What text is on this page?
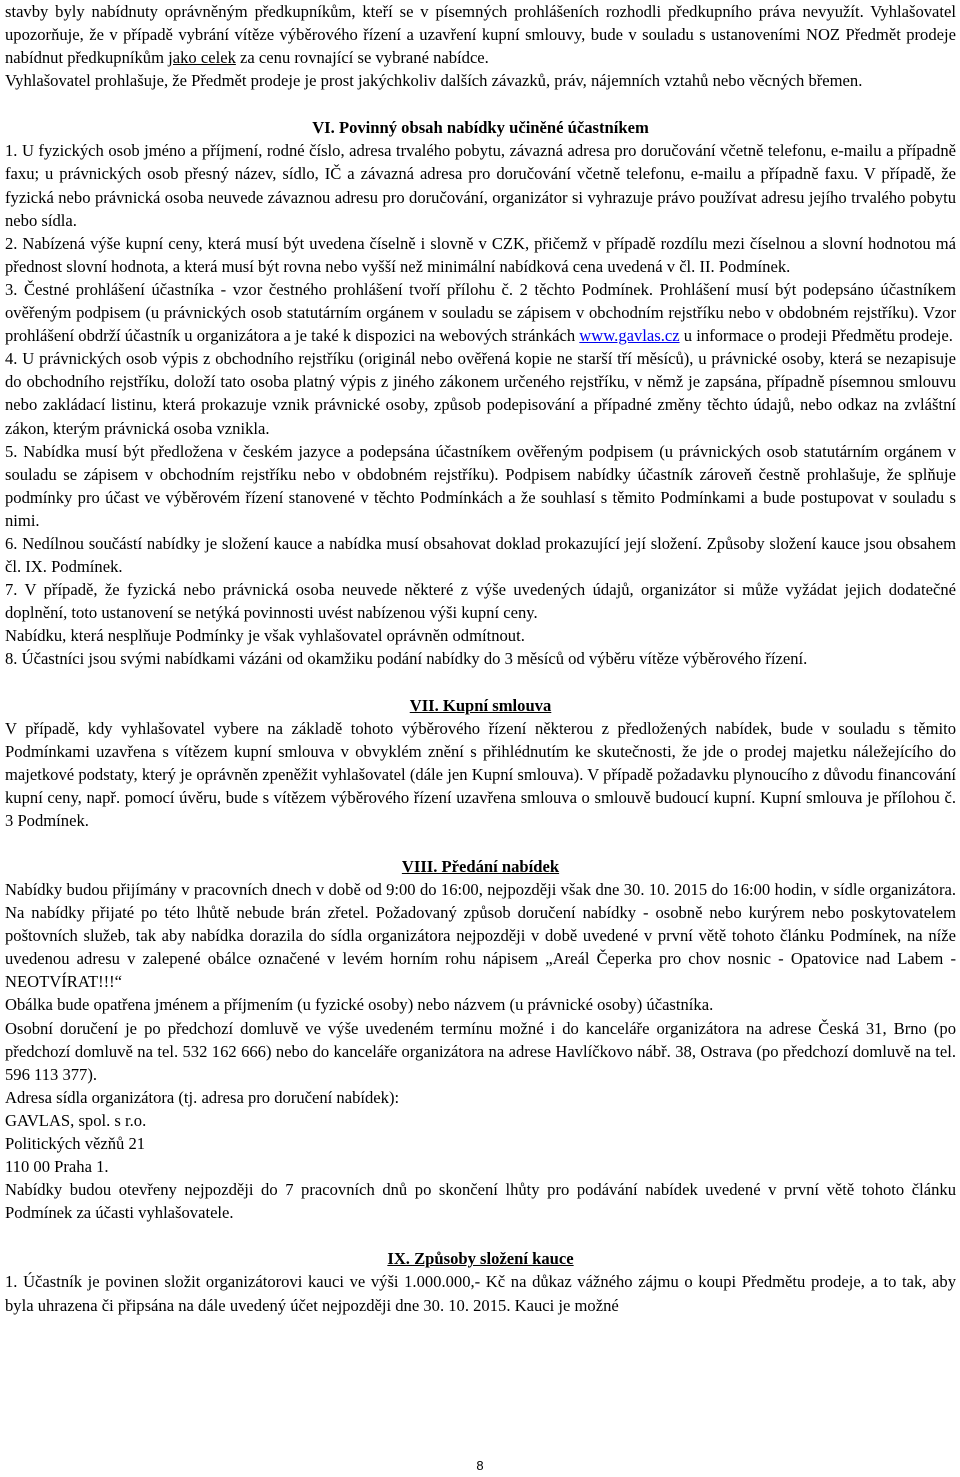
stavby byly nabídnuty oprávněným předkupníkům, kteří se v písemných prohlášeních rozhodli předkupního práva nevyužít. Vyhlašovatel upozorňuje, že v případě vybrání vítěze výběrového řízení a uzavření kupní smlouvy, bude v souladu s ustanoveními NOZ Předmět prodeje nabídnut předkupníkům jako celek za cenu rovnající se vybrané nabídce.

Vyhlašovatel prohlašuje, že Předmět prodeje je prost jakýchkoliv dalších závazků, práv, nájemních vztahů nebo věcných břemen.

VI. Povinný obsah nabídky učiněné účastníkem

1. U fyzických osob jméno a příjmení, rodné číslo, adresa trvalého pobytu, závazná adresa pro doručování včetně telefonu, e-mailu a případně faxu; u právnických osob přesný název, sídlo, IČ a závazná adresa pro doručování včetně telefonu, e-mailu a případně faxu. V případě, že fyzická nebo právnická osoba neuvede závaznou adresu pro doručování, organizátor si vyhrazuje právo používat adresu jejího trvalého pobytu nebo sídla.

2. Nabízená výše kupní ceny, která musí být uvedena číselně i slovně v CZK, přičemž v případě rozdílu mezi číselnou a slovní hodnotou má přednost slovní hodnota, a která musí být rovna nebo vyšší než minimální nabídková cena uvedená v čl. II. Podmínek.

3. Čestné prohlášení účastníka - vzor čestného prohlášení tvoří přílohu č. 2 těchto Podmínek. Prohlášení musí být podepsáno účastníkem ověřeným podpisem (u právnických osob statutárním orgánem v souladu se zápisem v obchodním rejstříku nebo v obdobném rejstříku). Vzor prohlášení obdrží účastník u organizátora a je také k dispozici na webových stránkách www.gavlas.cz u informace o prodeji Předmětu prodeje.

4. U právnických osob výpis z obchodního rejstříku (originál nebo ověřená kopie ne starší tří měsíců), u právnické osoby, která se nezapisuje do obchodního rejstříku, doloží tato osoba platný výpis z jiného zákonem určeného rejstříku, v němž je zapsána, případně písemnou smlouvu nebo zakládací listinu, která prokazuje vznik právnické osoby, způsob podepisování a případné změny těchto údajů, nebo odkaz na zvláštní zákon, kterým právnická osoba vznikla.

5. Nabídka musí být předložena v českém jazyce a podepsána účastníkem ověřeným podpisem (u právnických osob statutárním orgánem v souladu se zápisem v obchodním rejstříku nebo v obdobném rejstříku). Podpisem nabídky účastník zároveň čestně prohlašuje, že splňuje podmínky pro účast ve výběrovém řízení stanovené v těchto Podmínkách a že souhlasí s těmito Podmínkami a bude postupovat v souladu s nimi.

6. Nedílnou součástí nabídky je složení kauce a nabídka musí obsahovat doklad prokazující její složení. Způsoby složení kauce jsou obsahem čl. IX. Podmínek.

7. V případě, že fyzická nebo právnická osoba neuvede některé z výše uvedených údajů, organizátor si může vyžádat jejich dodatečné doplnění, toto ustanovení se netýká povinnosti uvést nabízenou výši kupní ceny.

Nabídku, která nesplňuje Podmínky je však vyhlašovatel oprávněn odmítnout.

8. Účastníci jsou svými nabídkami vázáni od okamžiku podání nabídky do 3 měsíců od výběru vítěze výběrového řízení.

VII. Kupní smlouva

V případě, kdy vyhlašovatel vybere na základě tohoto výběrového řízení některou z předložených nabídek, bude v souladu s těmito Podmínkami uzavřena s vítězem kupní smlouva v obvyklém znění s přihlédnutím ke skutečnosti, že jde o prodej majetku náležejícího do majetkové podstaty, který je oprávněn zpeněžit vyhlašovatel (dále jen Kupní smlouva). V případě požadavku plynoucího z důvodu financování kupní ceny, např. pomocí úvěru, bude s vítězem výběrového řízení uzavřena smlouva o smlouvě budoucí kupní. Kupní smlouva je přílohou č. 3 Podmínek.

VIII. Předání nabídek

Nabídky budou přijímány v pracovních dnech v době od 9:00 do 16:00, nejpozději však dne 30. 10. 2015 do 16:00 hodin, v sídle organizátora. Na nabídky přijaté po této lhůtě nebude brán zřetel. Požadovaný způsob doručení nabídky - osobně nebo kurýrem nebo poskytovatelem poštovních služeb, tak aby nabídka dorazila do sídla organizátora nejpozději v době uvedené v první větě tohoto článku Podmínek, na níže uvedenou adresu v zalepené obálce označené v levém horním rohu nápisem „Areál Čeperka pro chov nosnic - Opatovice nad Labem - NEOTVÍRAT!!!“

Obálka bude opatřena jménem a příjmením (u fyzické osoby) nebo názvem (u právnické osoby) účastníka.

Osobní doručení je po předchozí domluvě ve výše uvedeném termínu možné i do kanceláře organizátora na adrese Česká 31, Brno (po předchozí domluvě na tel. 532 162 666) nebo do kanceláře organizátora na adrese Havlíčkovo nábř. 38, Ostrava (po předchozí domluvě na tel. 596 113 377).

Adresa sídla organizátora (tj. adresa pro doručení nabídek):

GAVLAS, spol. s r.o.

Politických vězňů 21

110 00 Praha 1.

Nabídky budou otevřeny nejpozději do 7 pracovních dnů po skončení lhůty pro podávání nabídek uvedené v první větě tohoto článku Podmínek za účasti vyhlašovatele.

IX. Způsoby složení kauce

1. Účastník je povinen složit organizátorovi kauci ve výši 1.000.000,- Kč na důkaz vážného zájmu o koupi Předmětu prodeje, a to tak, aby byla uhrazena či připsána na dále uvedený účet nejpozději dne 30. 10. 2015. Kauci je možné

8
